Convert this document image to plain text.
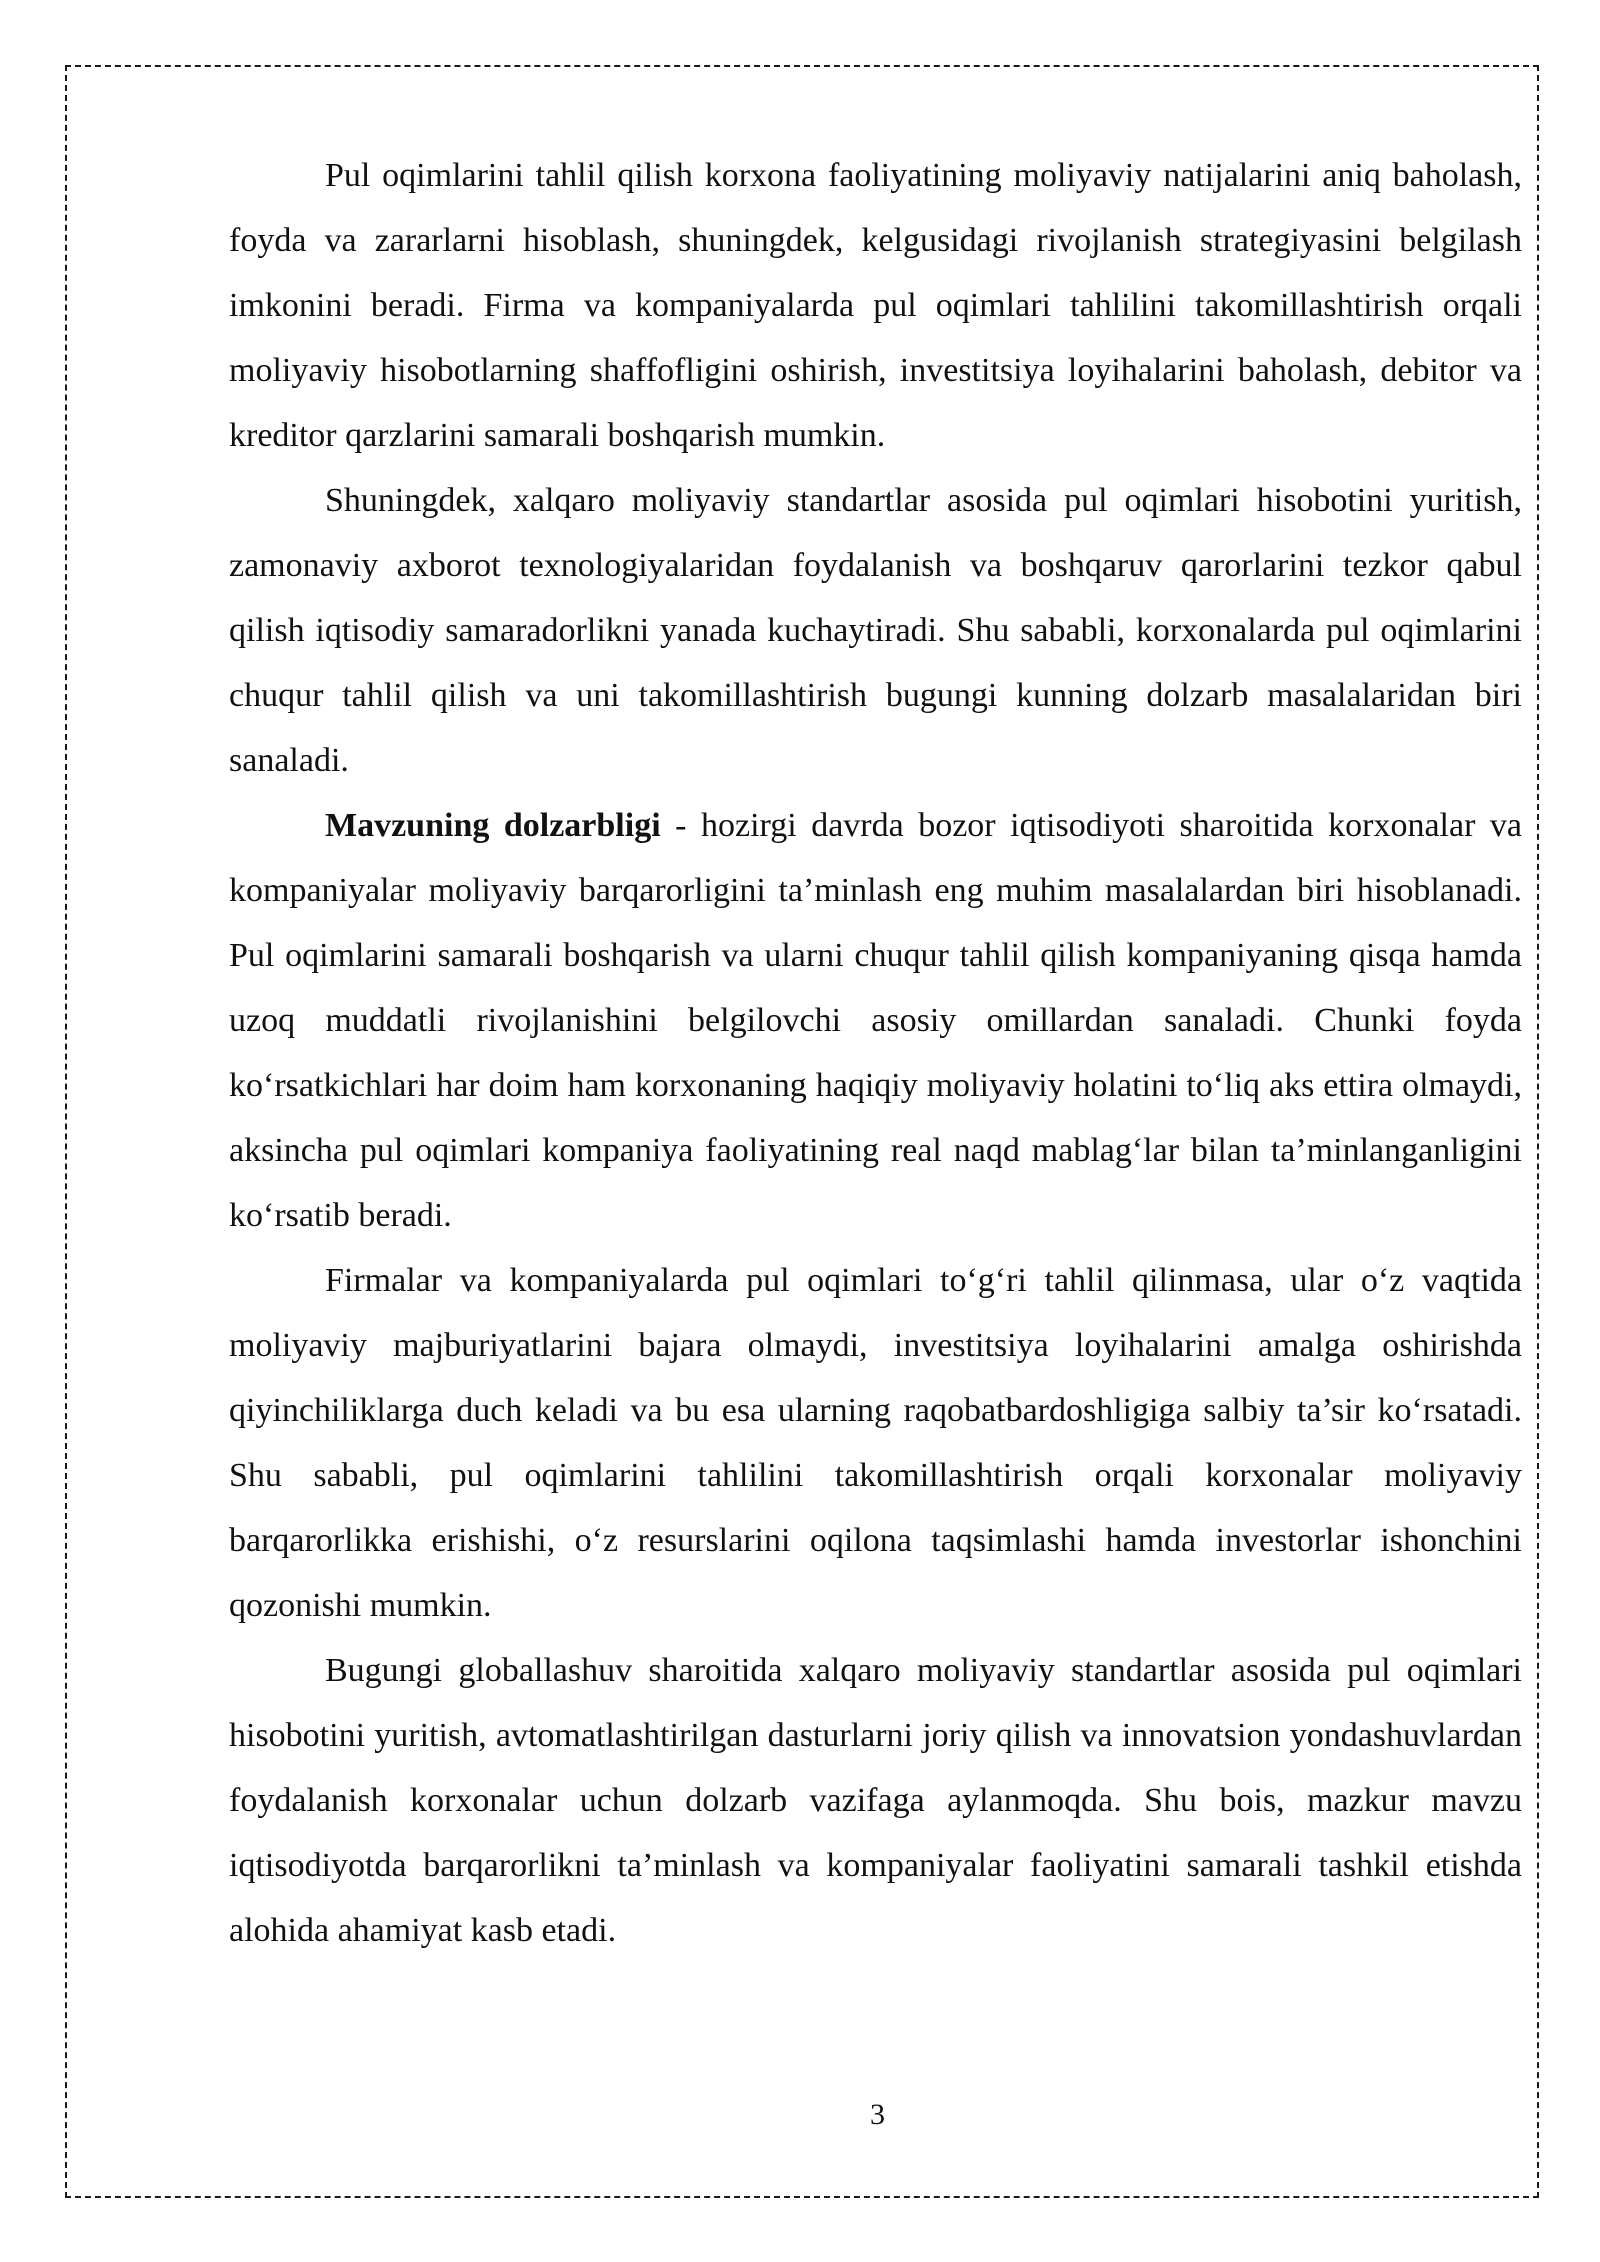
Pul oqimlarini tahlil qilish korxona faoliyatining moliyaviy natijalarini aniq baholash, foyda va zararlarni hisoblash, shuningdek, kelgusidagi rivojlanish strategiyasini belgilash imkonini beradi. Firma va kompaniyalarda pul oqimlari tahlilini takomillashtirish orqali moliyaviy hisobotlarning shaffofligini oshirish, investitsiya loyihalarini baholash, debitor va kreditor qarzlarini samarali boshqarish mumkin.

Shuningdek, xalqaro moliyaviy standartlar asosida pul oqimlari hisobotini yuritish, zamonaviy axborot texnologiyalaridan foydalanish va boshqaruv qarorlarini tezkor qabul qilish iqtisodiy samaradorlikni yanada kuchaytiradi. Shu sababli, korxonalarda pul oqimlarini chuqur tahlil qilish va uni takomillashtirish bugungi kunning dolzarb masalalaridan biri sanaladi.

Mavzuning dolzarbligi - hozirgi davrda bozor iqtisodiyoti sharoitida korxonalar va kompaniyalar moliyaviy barqarorligini ta’minlash eng muhim masalalardan biri hisoblanadi. Pul oqimlarini samarali boshqarish va ularni chuqur tahlil qilish kompaniyaning qisqa hamda uzoq muddatli rivojlanishini belgilovchi asosiy omillardan sanaladi. Chunki foyda ko‘rsatkichlari har doim ham korxonaning haqiqiy moliyaviy holatini to‘liq aks ettira olmaydi, aksincha pul oqimlari kompaniya faoliyatining real naqd mablag‘lar bilan ta’minlanganligini ko‘rsatib beradi.

Firmalar va kompaniyalarda pul oqimlari to‘g‘ri tahlil qilinmasa, ular o‘z vaqtida moliyaviy majburiyatlarini bajara olmaydi, investitsiya loyihalarini amalga oshirishda qiyinchiliklarga duch keladi va bu esa ularning raqobatbardoshligiga salbiy ta’sir ko‘rsatadi. Shu sababli, pul oqimlarini tahlilini takomillashtirish orqali korxonalar moliyaviy barqarorlikka erishishi, o‘z resurslarini oqilona taqsimlashi hamda investorlar ishonchini qozonishi mumkin.

Bugungi globallashuv sharoitida xalqaro moliyaviy standartlar asosida pul oqimlari hisobotini yuritish, avtomatlashtirilgan dasturlarni joriy qilish va innovatsion yondashuvlardan foydalanish korxonalar uchun dolzarb vazifaga aylanmoqda. Shu bois, mazkur mavzu iqtisodiyotda barqarorlikni ta’minlash va kompaniyalar faoliyatini samarali tashkil etishda alohida ahamiyat kasb etadi.

3
